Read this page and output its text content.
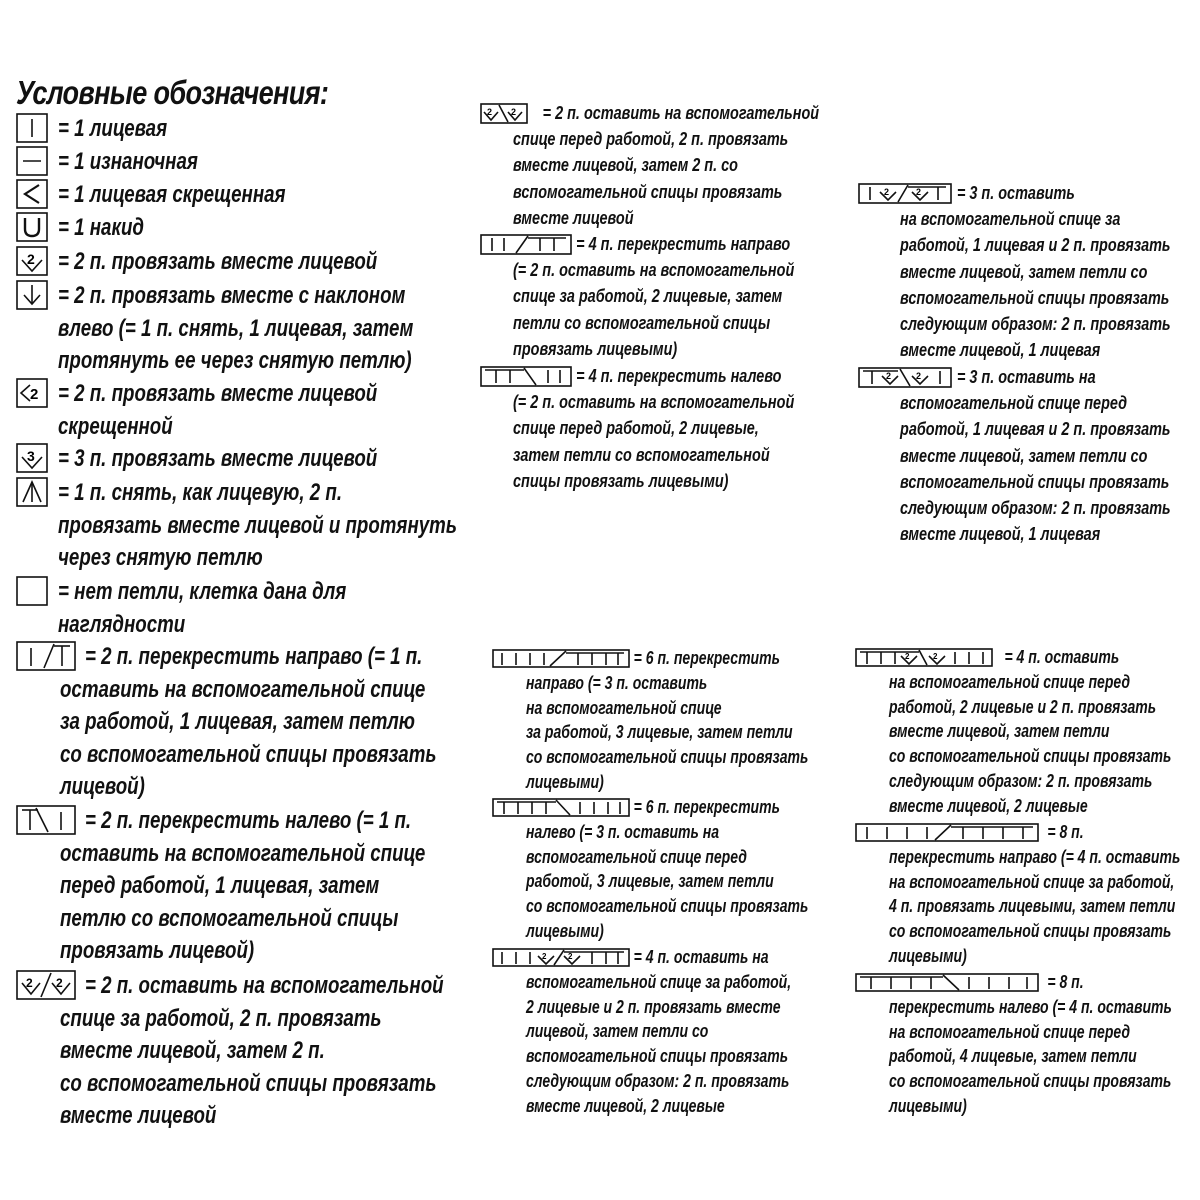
Условные обозначения:
= 1 лицевая
= 1 изнаночная
= 1 лицевая скрещенная
= 1 накид
2 = 2 п. провязать вместе лицевой
= 2 п. провязать вместе с наклоном
влево (= 1 п. снять, 1 лицевая, затем
протянуть ее через снятую петлю)
2 = 2 п. провязать вместе лицевой
скрещенной
3 = 3 п. провязать вместе лицевой
= 1 п. снять, как лицевую, 2 п.
провязать вместе лицевой и протянуть
через снятую петлю
= нет петли, клетка дана для
наглядности
= 2 п. перекрестить направо (= 1 п.
оставить на вспомогательной спице
за работой, 1 лицевая, затем петлю
со вспомогательной спицы провязать
лицевой)
= 2 п. перекрестить налево (= 1 п.
оставить на вспомогательной спице
перед работой, 1 лицевая, затем
петлю со вспомогательной спицы
провязать лицевой)
2 2 = 2 п. оставить на вспомогательной
спице за работой, 2 п. провязать
вместе лицевой, затем 2 п.
со вспомогательной спицы провязать
вместе лицевой
2 2 = 2 п. оставить на вспомогательной
спице перед работой, 2 п. провязать
вместе лицевой, затем 2 п. со
вспомогательной спицы провязать
вместе лицевой
= 4 п. перекрестить направо
(= 2 п. оставить на вспомогательной
спице за работой, 2 лицевые, затем
петли со вспомогательной спицы
провязать лицевыми)
= 4 п. перекрестить налево
(= 2 п. оставить на вспомогательной
спице перед работой, 2 лицевые,
затем петли со вспомогательной
спицы провязать лицевыми)
2	2 = 3 п. оставить
на вспомогательной спице за
работой, 1 лицевая и 2 п. провязать
вместе лицевой, затем петли со
вспомогательной спицы провязать
следующим образом: 2 п. провязать
вместе лицевой, 1 лицевая
2	2 = 3 п. оставить на
вспомогательной спице перед
работой, 1 лицевая и 2 п. провязать
вместе лицевой, затем петли со
вспомогательной спицы провязать
следующим образом: 2 п. провязать
вместе лицевой, 1 лицевая
= 6 п. перекрестить
направо (= 3 п. оставить
на вспомогательной спице
за работой, 3 лицевые, затем петли
со вспомогательной спицы провязать
лицевыми)
= 6 п. перекрестить
налево (= 3 п. оставить на
вспомогательной спице перед
работой, 3 лицевые, затем петли
со вспомогательной спицы провязать
лицевыми)
2	2	= 4 п. оставить на
вспомогательной спице за работой,
2 лицевые и 2 п. провязать вместе
лицевой, затем петли со
вспомогательной спицы провязать
следующим образом: 2 п. провязать
вместе лицевой, 2 лицевые
2	2	= 4 п. оставить
на вспомогательной спице перед
работой, 2 лицевые и 2 п. провязать
вместе лицевой, затем петли
со вспомогательной спицы провязать
следующим образом: 2 п. провязать
вместе лицевой, 2 лицевые
= 8 п.
перекрестить направо (= 4 п. оставить
на вспомогательной спице за работой,
4 п. провязать лицевыми, затем петли
со вспомогательной спицы провязать
лицевыми)
= 8 п.
перекрестить налево (= 4 п. оставить
на вспомогательной спице перед
работой, 4 лицевые, затем петли
со вспомогательной спицы провязать
лицевыми)
